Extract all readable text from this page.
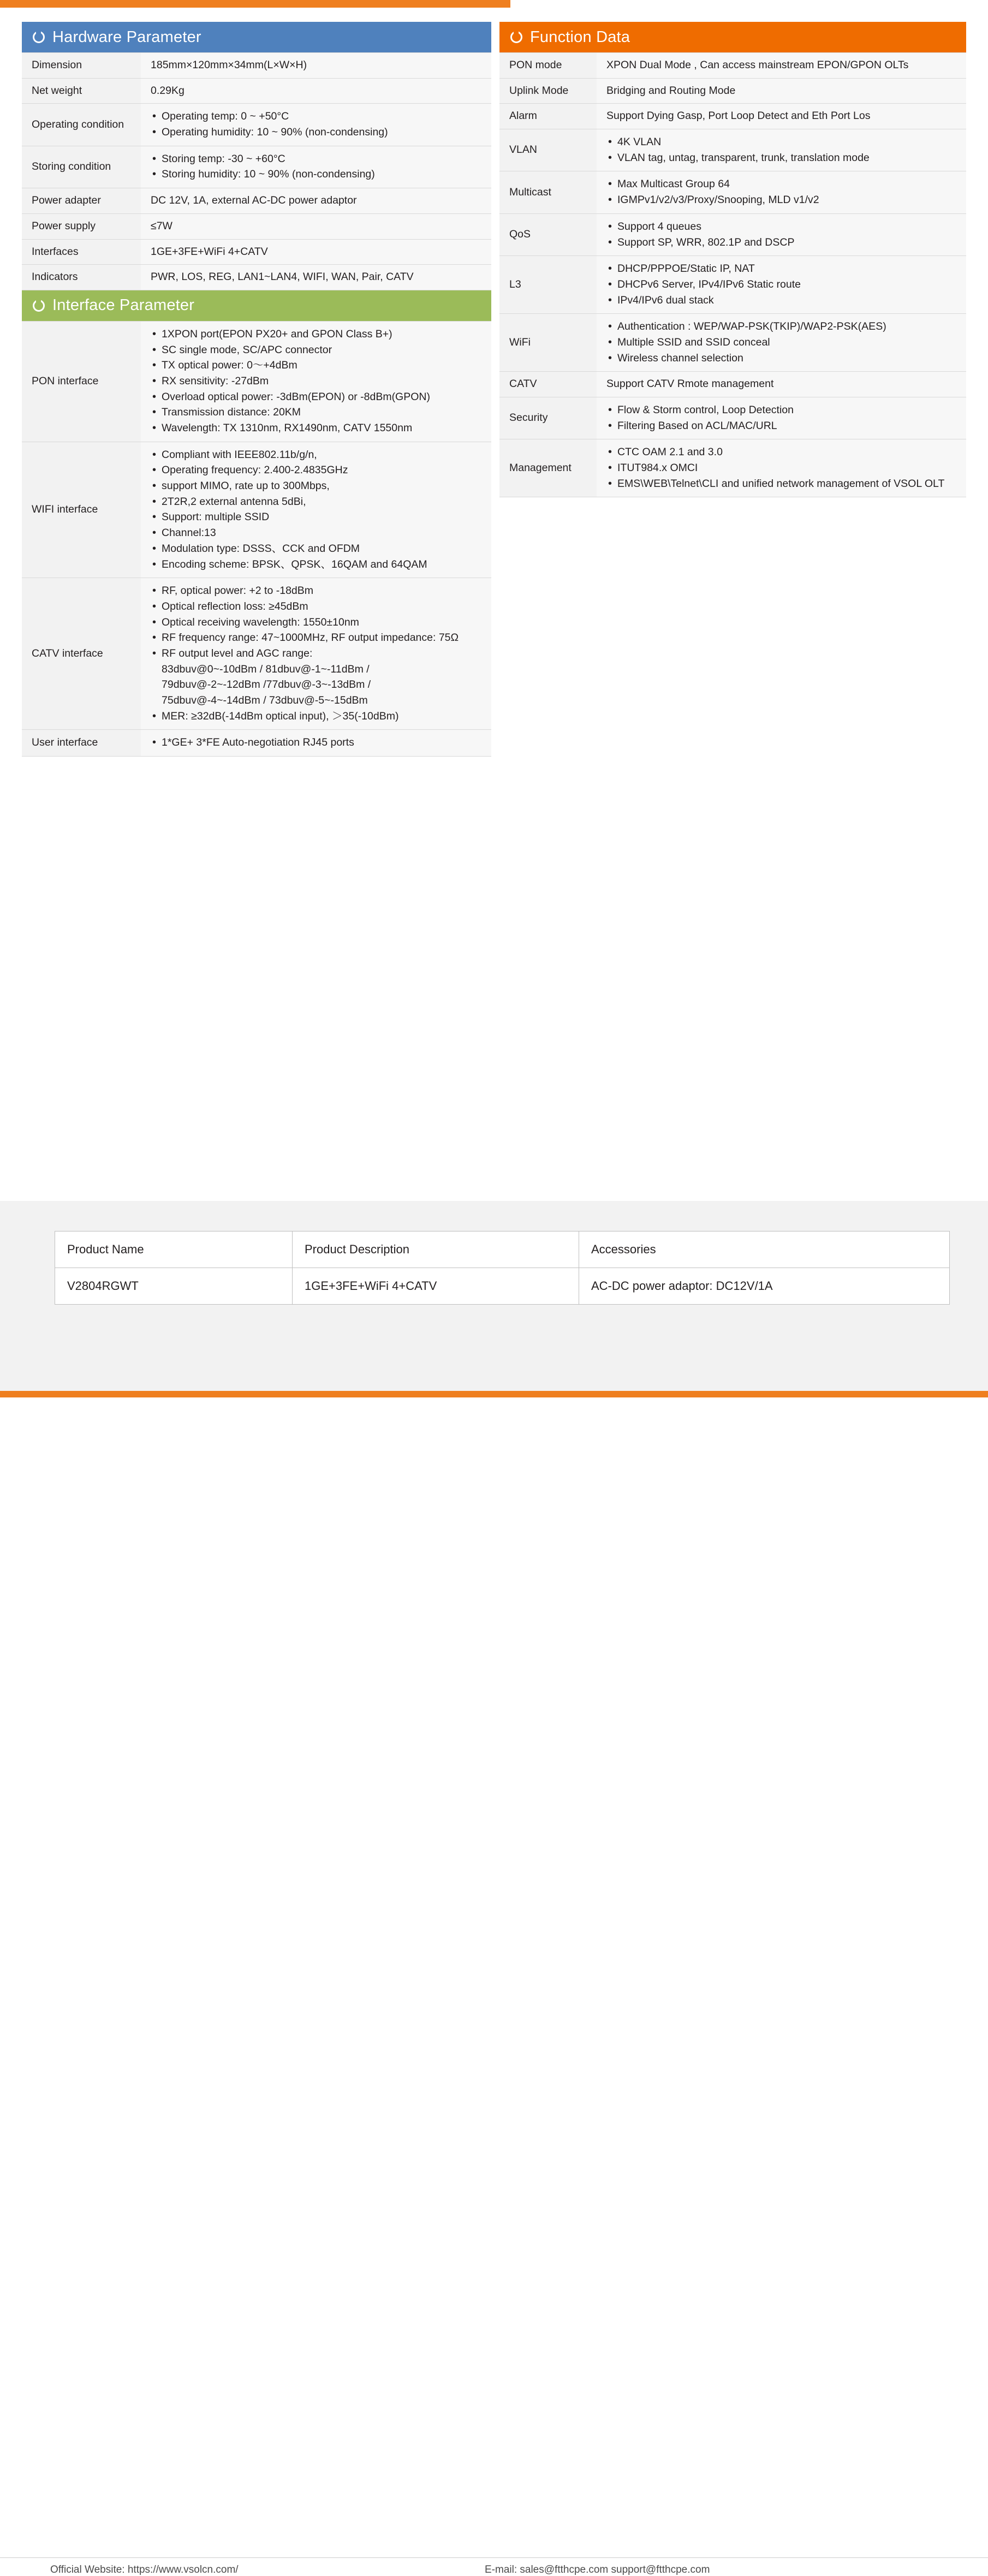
Hardware Parameter
Dimension	185mm×120mm×34mm(L×W×H)

Net weight	0.29Kg

Operating condition	
• Operating temp: 0 ~ +50°C
• Operating humidity: 10 ~ 90% (non-condensing)

Storing condition	
• Storing temp: -30 ~ +60°C
• Storing humidity: 10 ~ 90% (non-condensing)

Power adapter	DC 12V, 1A, external AC-DC power adaptor

Power supply	≤7W

Interfaces	1GE+3FE+WiFi 4+CATV

Indicators	PWR, LOS, REG, LAN1~LAN4, WIFI, WAN, Pair, CATV
Interface Parameter
PON interface	
• 1XPON port(EPON PX20+ and GPON Class B+)
• SC single mode, SC/APC connector
• TX optical power: 0～+4dBm
• RX sensitivity: -27dBm
• Overload optical power: -3dBm(EPON) or -8dBm(GPON)
• Transmission distance: 20KM
• Wavelength: TX 1310nm, RX1490nm, CATV 1550nm

WIFI interface	
• Compliant with IEEE802.11b/g/n,
• Operating frequency: 2.400-2.4835GHz
• support MIMO, rate up to 300Mbps,
• 2T2R,2 external antenna 5dBi,
• Support: multiple SSID
• Channel:13
• Modulation type: DSSS、CCK and OFDM
• Encoding scheme: BPSK、QPSK、16QAM and 64QAM

CATV interface	
• RF, optical power: +2 to -18dBm
• Optical reflection loss: ≥45dBm
• Optical receiving wavelength: 1550±10nm
• RF frequency range: 47~1000MHz, RF output impedance: 75Ω
• RF output level and AGC range:
83dbuv@0~-10dBm / 81dbuv@-1~-11dBm /
79dbuv@-2~-12dBm /77dbuv@-3~-13dBm /
75dbuv@-4~-14dBm / 73dbuv@-5~-15dBm
• MER: ≥32dB(-14dBm optical input), ＞35(-10dBm)

User interface	
•1*GE+ 3*FE Auto-negotiation RJ45 ports
Function Data
PON mode	XPON Dual Mode , Can access mainstream EPON/GPON OLTs

Uplink Mode	Bridging and Routing Mode

Alarm	Support Dying Gasp, Port Loop Detect and Eth Port Los

VLAN	
• 4K VLAN
• VLAN tag, untag, transparent, trunk, translation mode

Multicast	
• Max Multicast Group 64
• IGMPv1/v2/v3/Proxy/Snooping, MLD v1/v2

QoS	
• Support 4 queues
• Support SP, WRR, 802.1P and DSCP

L3	
• DHCP/PPPOE/Static IP, NAT
• DHCPv6 Server, IPv4/IPv6 Static route
• IPv4/IPv6 dual stack

WiFi	
• Authentication : WEP/WAP-PSK(TKIP)/WAP2-PSK(AES)
• Multiple SSID and SSID conceal
• Wireless channel selection

CATV	Support CATV Rmote management

Security	
• Flow & Storm control, Loop Detection
• Filtering Based on ACL/MAC/URL

Management	
• CTC OAM 2.1 and 3.0
• ITUT984.x OMCI
• EMS\WEB\Telnet\CLI and unified network management of VSOL OLT
Product Name	Product Description	Accessories
V2804RGWT	1GE+3FE+WiFi 4+CATV	AC-DC power adaptor: DC12V/1A
Official Website: https://www.vsolcn.com/	E-mail: sales@ftthcpe.com support@ftthcpe.com
